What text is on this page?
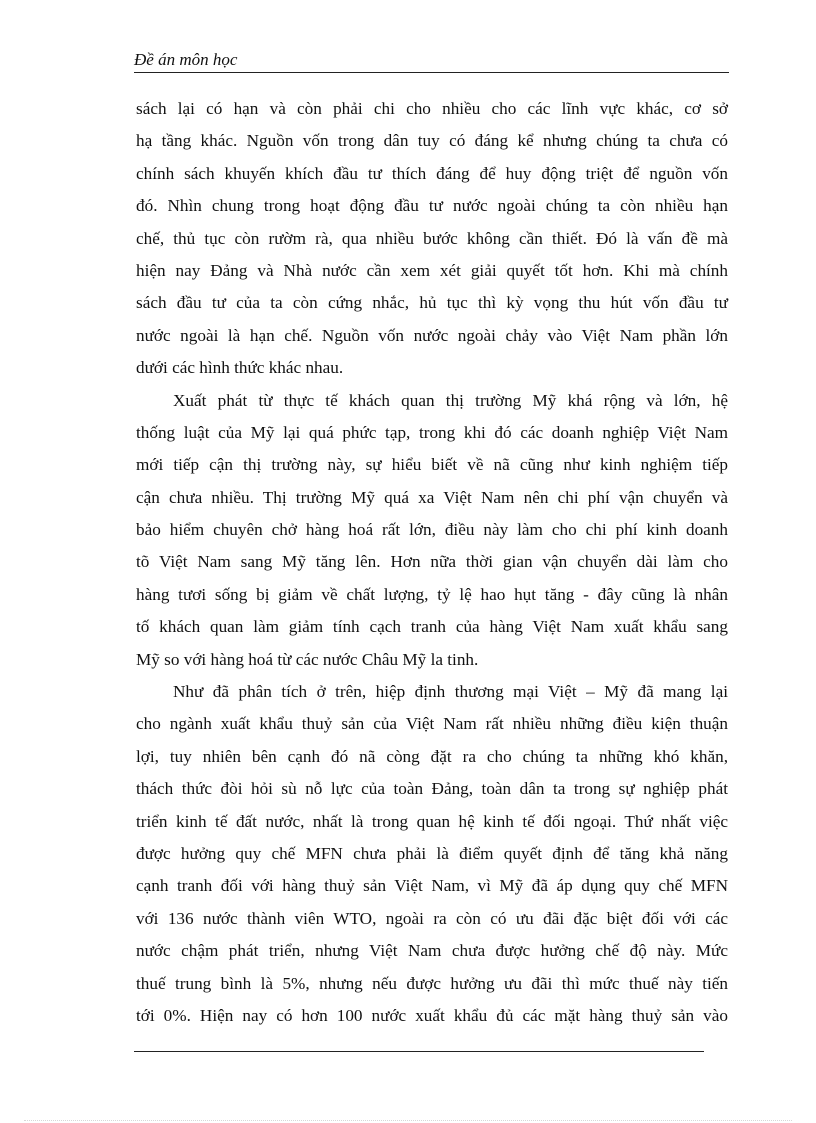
Đề án môn học
sách lại có hạn và còn phải chi cho nhiều cho các lĩnh vực khác, cơ sở
hạ tầng khác. Nguồn vốn trong dân tuy có đáng kể nhưng chúng ta chưa có
chính sách khuyến khích đầu tư thích đáng để huy động triệt để nguồn vốn
đó. Nhìn chung trong hoạt động đầu tư nước ngoài chúng ta còn nhiều hạn
chế, thủ tục còn rườm rà, qua nhiều bước không cần thiết. Đó là vấn đề mà
hiện nay Đảng và Nhà nước cần xem xét giải quyết tốt hơn. Khi mà chính
sách đầu tư của ta còn cứng nhắc, hủ tục thì kỳ vọng thu hút vốn đầu tư
nước ngoài là hạn chế. Nguồn vốn nước ngoài chảy vào Việt Nam phần lớn
dưới các hình thức khác nhau.
Xuất phát từ thực tế khách quan thị trường Mỹ khá rộng và lớn, hệ
thống luật của Mỹ lại quá phức tạp, trong khi đó các doanh nghiệp Việt Nam
mới tiếp cận thị trường này, sự hiểu biết về nã cũng như kinh nghiệm tiếp
cận chưa nhiều. Thị trường Mỹ quá xa Việt Nam nên chi phí vận chuyển và
bảo hiểm chuyên chở hàng hoá rất lớn, điều này làm cho chi phí kinh doanh
tõ Việt Nam sang Mỹ tăng lên. Hơn nữa thời gian vận chuyển dài làm cho
hàng tươi sống bị giảm về chất lượng, tỷ lệ hao hụt tăng - đây cũng là nhân
tố khách quan làm giảm tính cạch tranh của hàng Việt Nam xuất khẩu sang
Mỹ so với hàng hoá từ các nước Châu Mỹ la tinh.
Như đã phân tích ở trên, hiệp định thương mại Việt – Mỹ đã mang lại
cho ngành xuất khẩu thuỷ sản của Việt Nam rất nhiều những điều kiện thuận
lợi, tuy nhiên bên cạnh đó nã còng đặt ra cho chúng ta những khó khăn,
thách thức đòi hỏi sù nỗ lực của toàn Đảng, toàn dân ta trong sự nghiệp phát
triển kinh tế đất nước, nhất là trong quan hệ kinh tế đối ngoại. Thứ nhất việc
được hưởng quy chế MFN chưa phải là điểm quyết định để tăng khả năng
cạnh tranh đối với hàng thuỷ sản Việt Nam, vì Mỹ đã áp dụng quy chế MFN
với 136 nước thành viên WTO, ngoài ra còn có ưu đãi đặc biệt đối với các
nước chậm phát triển, nhưng Việt Nam chưa được hưởng chế độ này. Mức
thuế trung bình là 5%, nhưng nếu được hưởng ưu đãi thì mức thuế này tiến
tới 0%. Hiện nay có hơn 100 nước xuất khẩu đủ các mặt hàng thuỷ sản vào
